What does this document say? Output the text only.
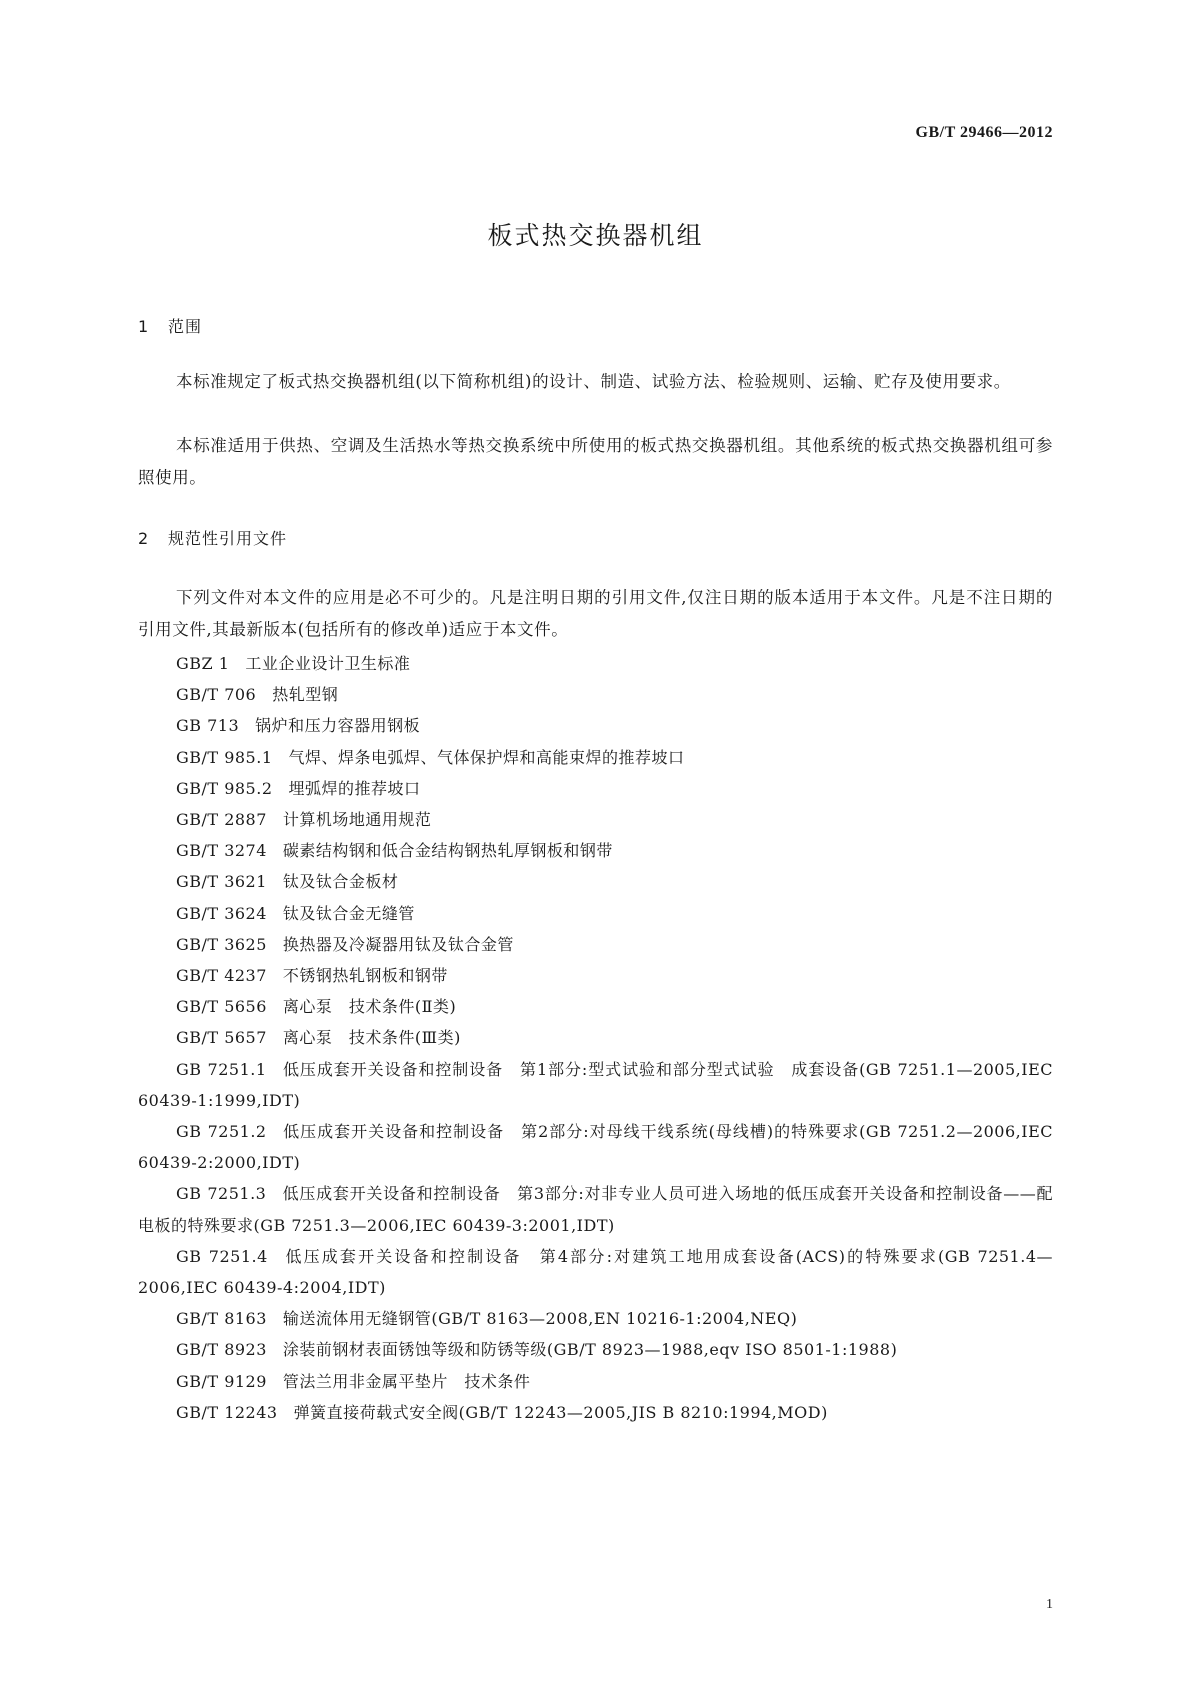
GB/T 29466—2012
板式热交换器机组
1 范围

本标准规定了板式热交换器机组(以下简称机组)的设计、制造、试验方法、检验规则、运输、贮存及使用要求。

本标准适用于供热、空调及生活热水等热交换系统中所使用的板式热交换器机组。其他系统的板式热交换器机组可参照使用。

2 规范性引用文件

下列文件对本文件的应用是必不可少的。凡是注明日期的引用文件,仅注日期的版本适用于本文件。凡是不注日期的引用文件,其最新版本(包括所有的修改单)适应于本文件。

GBZ 1 工业企业设计卫生标准
GB/T 706 热轧型钢
GB 713 锅炉和压力容器用钢板
GB/T 985.1 气焊、焊条电弧焊、气体保护焊和高能束焊的推荐坡口
GB/T 985.2 埋弧焊的推荐坡口
GB/T 2887 计算机场地通用规范
GB/T 3274 碳素结构钢和低合金结构钢热轧厚钢板和钢带
GB/T 3621 钛及钛合金板材
GB/T 3624 钛及钛合金无缝管
GB/T 3625 换热器及冷凝器用钛及钛合金管
GB/T 4237 不锈钢热轧钢板和钢带
GB/T 5656 离心泵　技术条件(Ⅱ类)
GB/T 5657 离心泵　技术条件(Ⅲ类)
GB 7251.1 低压成套开关设备和控制设备　第1部分:型式试验和部分型式试验　成套设备(GB 7251.1—2005,IEC 60439-1:1999,IDT)
GB 7251.2 低压成套开关设备和控制设备　第2部分:对母线干线系统(母线槽)的特殊要求(GB 7251.2—2006,IEC 60439-2:2000,IDT)
GB 7251.3 低压成套开关设备和控制设备　第3部分:对非专业人员可进入场地的低压成套开关设备和控制设备——配电板的特殊要求(GB 7251.3—2006,IEC 60439-3:2001,IDT)
GB 7251.4 低压成套开关设备和控制设备　第4部分:对建筑工地用成套设备(ACS)的特殊要求(GB 7251.4—2006,IEC 60439-4:2004,IDT)
GB/T 8163 输送流体用无缝钢管(GB/T 8163—2008,EN 10216-1:2004,NEQ)
GB/T 8923 涂装前钢材表面锈蚀等级和防锈等级(GB/T 8923—1988,eqv ISO 8501-1:1988)
GB/T 9129 管法兰用非金属平垫片　技术条件
GB/T 12243 弹簧直接荷载式安全阀(GB/T 12243—2005,JIS B 8210:1994,MOD)
1
